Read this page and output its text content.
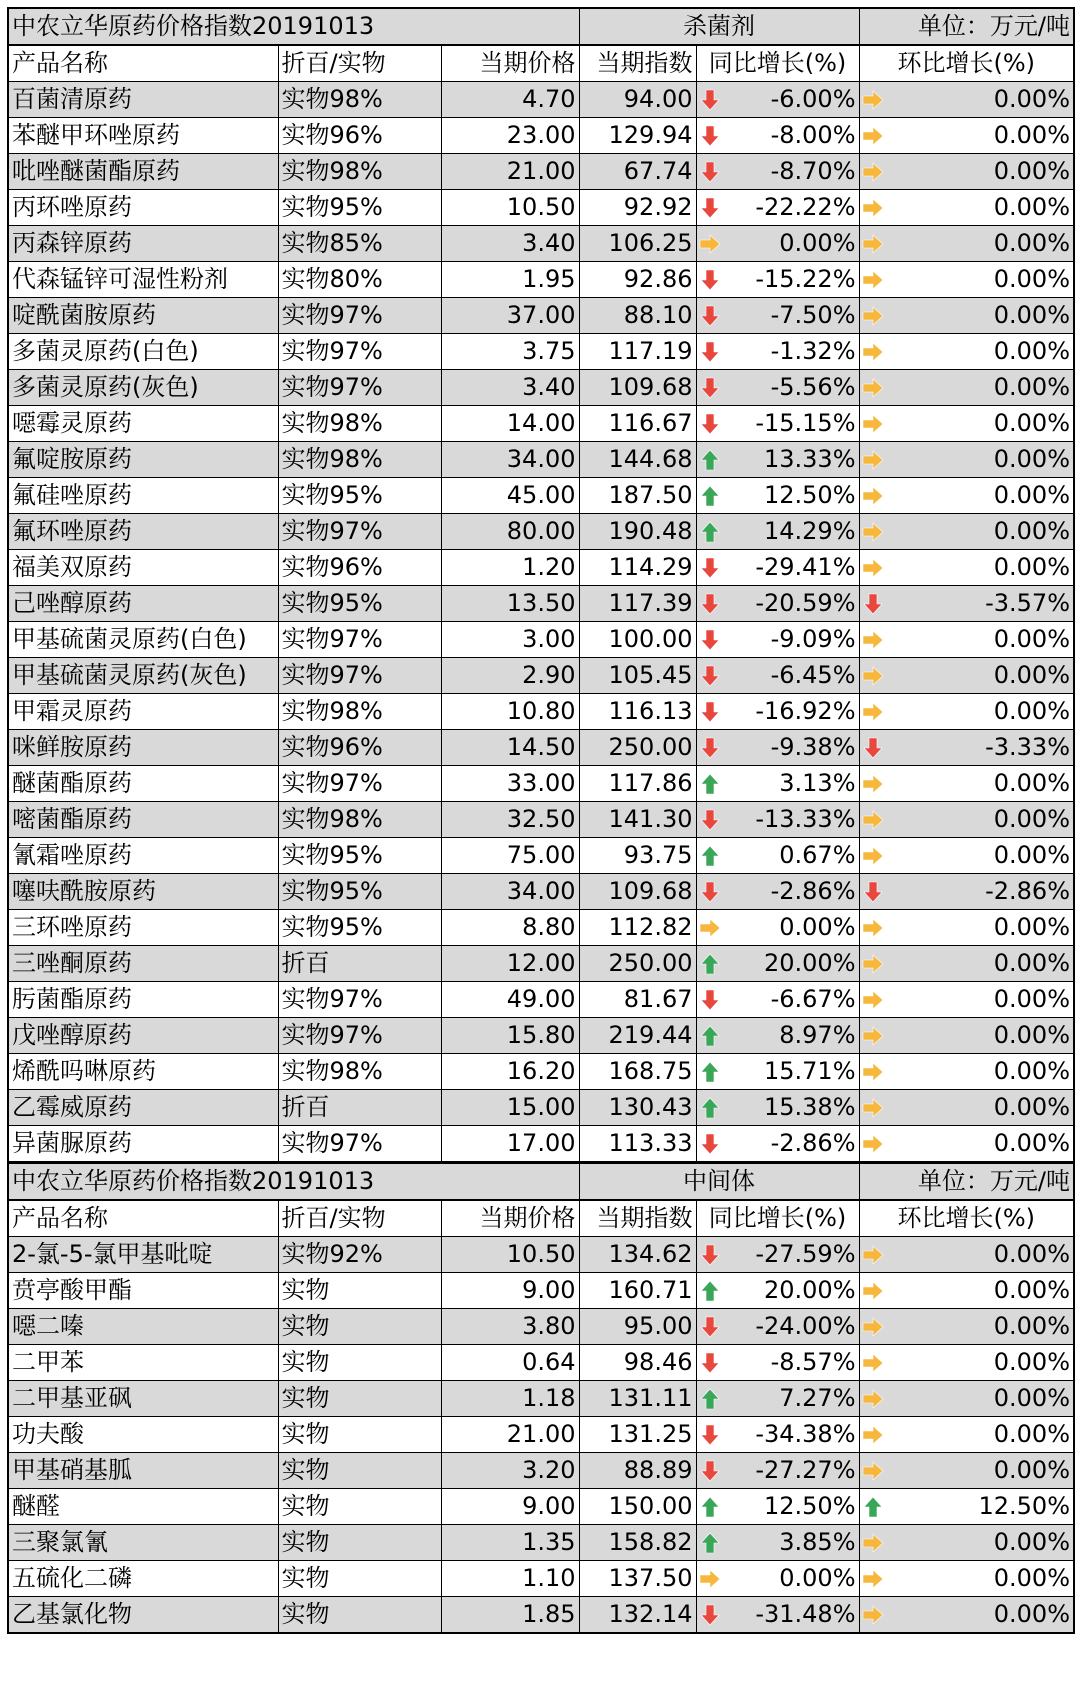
中农立华原药价格指数20191013			杀菌剂		单位：万元/吨
产品名称	折百/实物	当期价格	当期指数	同比增长(%)	环比增长(%)
百菌清原药	实物98%	4.70	94.00	-6.00%	0.00%

苯醚甲环唑原药	实物96%	23.00	129.94	-8.00%	0.00%

吡唑醚菌酯原药	实物98%	21.00	67.74	-8.70%	0.00%

丙环唑原药	实物95%	10.50	92.92	-22.22%	0.00%

丙森锌原药	实物85%	3.40	106.25	0.00%	0.00%

代森锰锌可湿性粉剂	实物80%	1.95	92.86	-15.22%	0.00%

啶酰菌胺原药	实物97%	37.00	88.10	-7.50%	0.00%

多菌灵原药(白色)	实物97%	3.75	117.19	-1.32%	0.00%

多菌灵原药(灰色)	实物97%	3.40	109.68	-5.56%	0.00%

噁霉灵原药	实物98%	14.00	116.67	-15.15%	0.00%

氟啶胺原药	实物98%	34.00	144.68	13.33%	0.00%

氟硅唑原药	实物95%	45.00	187.50	12.50%	0.00%

氟环唑原药	实物97%	80.00	190.48	14.29%	0.00%

福美双原药	实物96%	1.20	114.29	-29.41%	0.00%

己唑醇原药	实物95%	13.50	117.39	-20.59%	-3.57%

甲基硫菌灵原药(白色)	实物97%	3.00	100.00	-9.09%	0.00%

甲基硫菌灵原药(灰色)	实物97%	2.90	105.45	-6.45%	0.00%

甲霜灵原药	实物98%	10.80	116.13	-16.92%	0.00%

咪鲜胺原药	实物96%	14.50	250.00	-9.38%	-3.33%

醚菌酯原药	实物97%	33.00	117.86	3.13%	0.00%

嘧菌酯原药	实物98%	32.50	141.30	-13.33%	0.00%

氰霜唑原药	实物95%	75.00	93.75	0.67%	0.00%

噻呋酰胺原药	实物95%	34.00	109.68	-2.86%	-2.86%

三环唑原药	实物95%	8.80	112.82	0.00%	0.00%

三唑酮原药	折百	12.00	250.00	20.00%	0.00%

肟菌酯原药	实物97%	49.00	81.67	-6.67%	0.00%

戊唑醇原药	实物97%	15.80	219.44	8.97%	0.00%

烯酰吗啉原药	实物98%	16.20	168.75	15.71%	0.00%

乙霉威原药	折百	15.00	130.43	15.38%	0.00%

异菌脲原药	实物97%	17.00	113.33	-2.86%	0.00%

中农立华原药价格指数20191013			中间体		单位：万元/吨
产品名称	折百/实物	当期价格	当期指数	同比增长(%)	环比增长(%)
2-氯-5-氯甲基吡啶	实物92%	10.50	134.62	-27.59%	0.00%

贲亭酸甲酯	实物	9.00	160.71	20.00%	0.00%

噁二嗪	实物	3.80	95.00	-24.00%	0.00%

二甲苯	实物	0.64	98.46	-8.57%	0.00%

二甲基亚砜	实物	1.18	131.11	7.27%	0.00%

功夫酸	实物	21.00	131.25	-34.38%	0.00%

甲基硝基胍	实物	3.20	88.89	-27.27%	0.00%

醚醛	实物	9.00	150.00	12.50%	12.50%

三聚氯氰	实物	1.35	158.82	3.85%	0.00%

五硫化二磷	实物	1.10	137.50	0.00%	0.00%

乙基氯化物	实物	1.85	132.14	-31.48%	0.00%
